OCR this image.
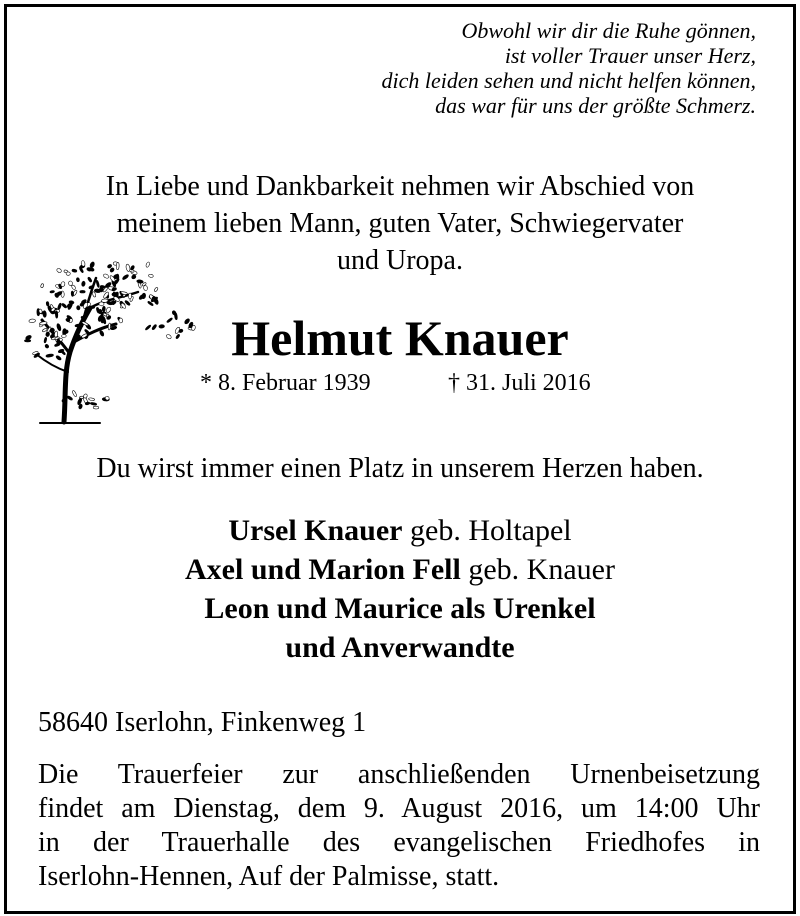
Obwohl wir dir die Ruhe gönnen,
ist voller Trauer unser Herz,
dich leiden sehen und nicht helfen können,
das war für uns der größte Schmerz.
In Liebe und Dankbarkeit nehmen wir Abschied von
meinem lieben Mann, guten Vater, Schwiegervater
und Uropa.
Helmut Knauer
* 8. Februar 1939	† 31. Juli 2016
Du wirst immer einen Platz in unserem Herzen haben.
Ursel Knauer geb. Holtapel
Axel und Marion Fell geb. Knauer
Leon und Maurice als Urenkel
und Anverwandte
58640 Iserlohn, Finkenweg 1
Die Trauerfeier zur anschließenden Urnenbeisetzung
findet am Dienstag, dem 9. August 2016, um 14:00 Uhr
in der Trauerhalle des evangelischen Friedhofes in
Iserlohn-Hennen, Auf der Palmisse, statt.
